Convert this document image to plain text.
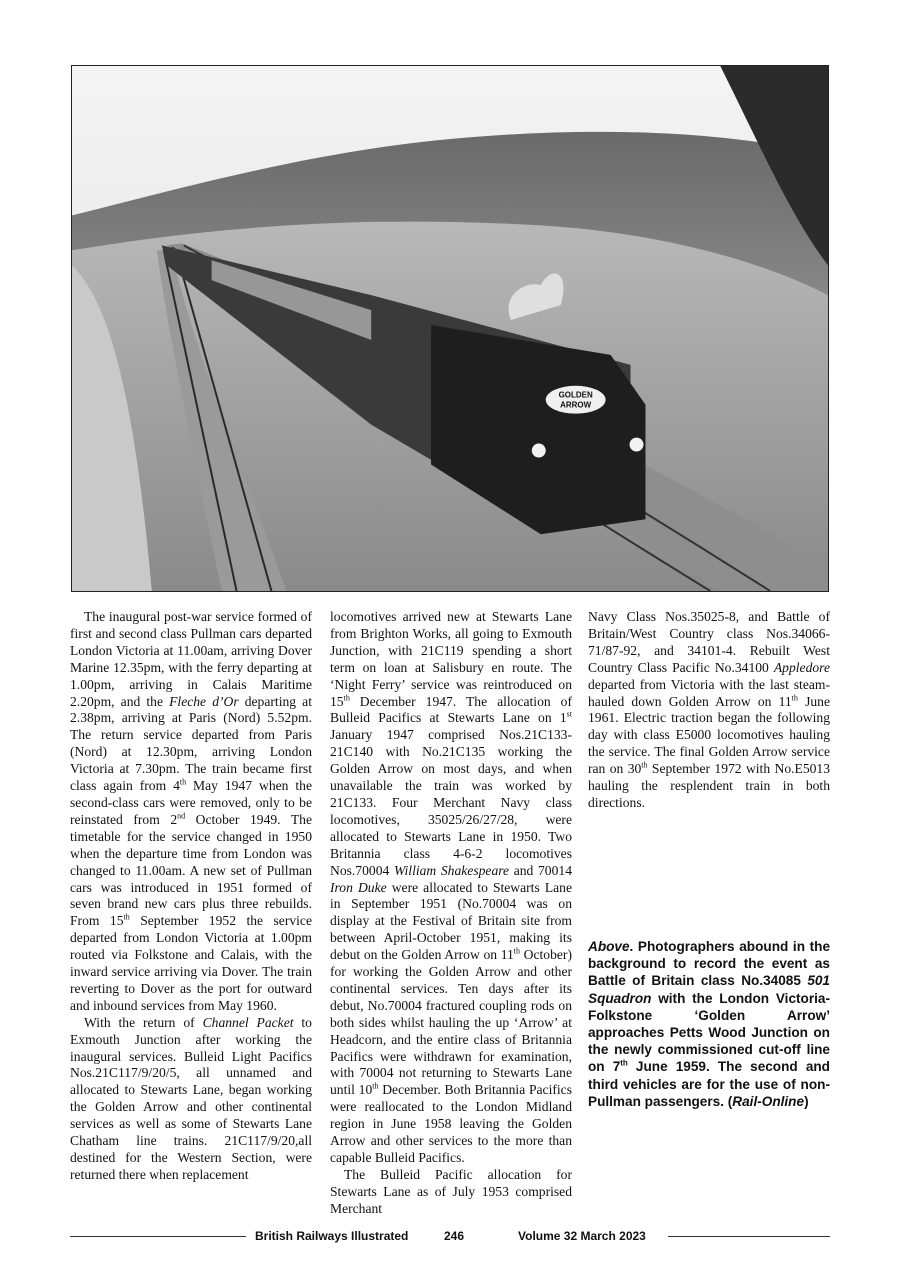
GOLDEN
ARROW

The inaugural post-war service formed of first and second class Pullman cars departed London Victoria at 11.00am, arriving Dover Marine 12.35pm, with the ferry departing at 1.00pm, arriving in Calais Maritime 2.20pm, and the Fleche d’Or departing at 2.38pm, arriving at Paris (Nord) 5.52pm. The return service departed from Paris (Nord) at 12.30pm, arriving London Victoria at 7.30pm. The train became first class again from 4th May 1947 when the second-class cars were removed, only to be reinstated from 2nd October 1949. The timetable for the service changed in 1950 when the departure time from London was changed to 11.00am. A new set of Pullman cars was introduced in 1951 formed of seven brand new cars plus three rebuilds. From 15th September 1952 the service departed from London Victoria at 1.00pm routed via Folkstone and Calais, with the inward service arriving via Dover. The train reverting to Dover as the port for outward and inbound services from May 1960.

With the return of Channel Packet to Exmouth Junction after working the inaugural services. Bulleid Light Pacifics Nos.21C117/9/20/5, all unnamed and allocated to Stewarts Lane, began working the Golden Arrow and other continental services as well as some of Stewarts Lane Chatham line trains. 21C117/9/20,all destined for the Western Section, were returned there when replacement

locomotives arrived new at Stewarts Lane from Brighton Works, all going to Exmouth Junction, with 21C119 spending a short term on loan at Salisbury en route. The ‘Night Ferry’ service was reintroduced on 15th December 1947. The allocation of Bulleid Pacifics at Stewarts Lane on 1st January 1947 comprised Nos.21C133-21C140 with No.21C135 working the Golden Arrow on most days, and when unavailable the train was worked by 21C133. Four Merchant Navy class locomotives, 35025/26/27/28, were allocated to Stewarts Lane in 1950. Two Britannia class 4-6-2 locomotives Nos.70004 William Shakespeare and 70014 Iron Duke were allocated to Stewarts Lane in September 1951 (No.70004 was on display at the Festival of Britain site from between April-October 1951, making its debut on the Golden Arrow on 11th October) for working the Golden Arrow and other continental services. Ten days after its debut, No.70004 fractured coupling rods on both sides whilst hauling the up ‘Arrow’ at Headcorn, and the entire class of Britannia Pacifics were withdrawn for examination, with 70004 not returning to Stewarts Lane until 10th December. Both Britannia Pacifics were reallocated to the London Midland region in June 1958 leaving the Golden Arrow and other services to the more than capable Bulleid Pacifics.

The Bulleid Pacific allocation for Stewarts Lane as of July 1953 comprised Merchant

Navy Class Nos.35025-8, and Battle of Britain/West Country class Nos.34066-71/87-92, and 34101-4. Rebuilt West Country Class Pacific No.34100 Appledore departed from Victoria with the last steam-hauled down Golden Arrow on 11th June 1961. Electric traction began the following day with class E5000 locomotives hauling the service. The final Golden Arrow service ran on 30th September 1972 with No.E5013 hauling the resplendent train in both directions.

Above. Photographers abound in the background to record the event as Battle of Britain class No.34085 501 Squadron with the London Victoria-Folkstone ‘Golden Arrow’ approaches Petts Wood Junction on the newly commissioned cut-off line on 7th June 1959. The second and third vehicles are for the use of non-Pullman passengers. (Rail-Online)
British Railways Illustrated	246	Volume 32 March 2023
